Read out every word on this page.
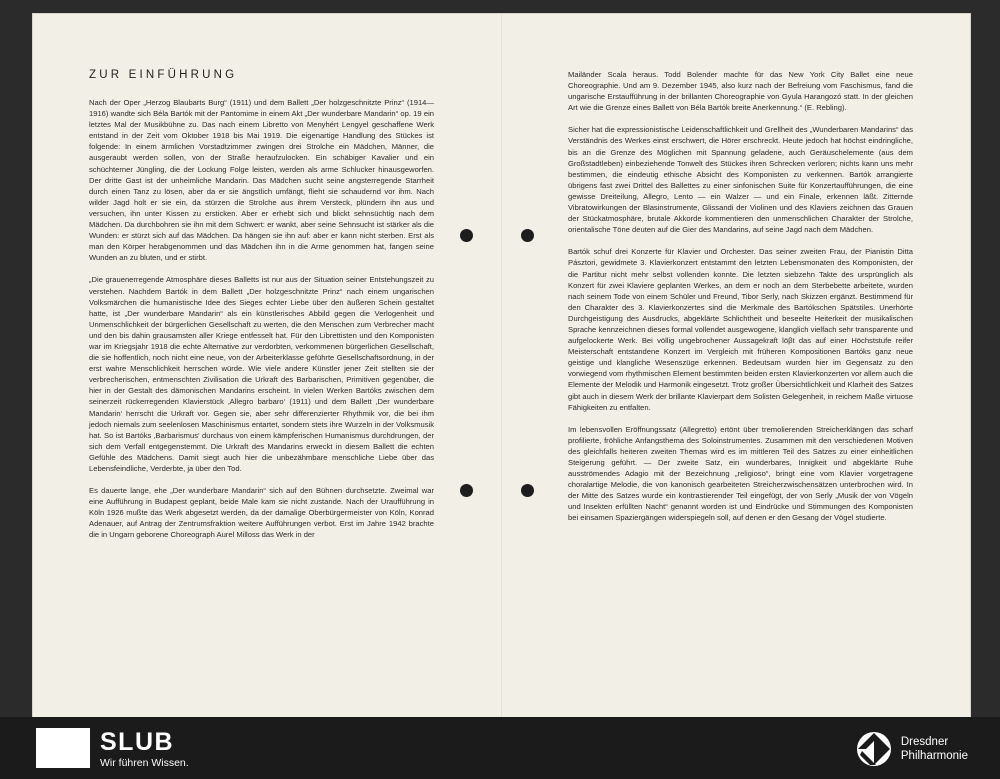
ZUR EINFÜHRUNG

Nach der Oper „Herzog Blaubarts Burg“ (1911) und dem Ballett „Der holzgeschnitzte Prinz“ (1914—1916) wandte sich Béla Bartók mit der Pantomime in einem Akt „Der wunderbare Mandarin“ op. 19 ein letztes Mal der Musikbühne zu. Das nach einem Libretto von Menyhért Lengyel geschaffene Werk entstand in der Zeit vom Oktober 1918 bis Mai 1919. Die eigenartige Handlung des Stückes ist folgende: In einem ärmlichen Vorstadtzimmer zwingen drei Strolche ein Mädchen, Männer, die ausgeraubt werden sollen, von der Straße heraufzulocken. Ein schäbiger Kavalier und ein schüchterner Jüngling, die der Lockung Folge leisten, werden als arme Schlucker hinausgeworfen. Der dritte Gast ist der unheimliche Mandarin. Das Mädchen sucht seine angsterregende Starrheit durch einen Tanz zu lösen, aber da er sie ängstlich umfängt, flieht sie schaudernd vor ihm. Nach wilder Jagd holt er sie ein, da stürzen die Strolche aus ihrem Versteck, plündern ihn aus und versuchen, ihn unter Kissen zu ersticken. Aber er erhebt sich und blickt sehnsüchtig nach dem Mädchen. Da durchbohren sie ihn mit dem Schwert: er wankt, aber seine Sehnsucht ist stärker als die Wunden: er stürzt sich auf das Mädchen. Da hängen sie ihn auf: aber er kann nicht sterben. Erst als man den Körper herabgenommen und das Mädchen ihn in die Arme genommen hat, fangen seine Wunden an zu bluten, und er stirbt.

„Die grauenerregende Atmosphäre dieses Balletts ist nur aus der Situation seiner Entstehungszeit zu verstehen. Nachdem Bartók in dem Ballett „Der holzgeschnitzte Prinz“ nach einem ungarischen Volksmärchen die humanistische Idee des Sieges echter Liebe über den äußeren Schein gestaltet hatte, ist „Der wunderbare Mandarin“ als ein künstlerisches Abbild gegen die Verlogenheit und Unmenschlichkeit der bürgerlichen Gesellschaft zu werten, die den Menschen zum Verbrecher macht und den bis dahin grausamsten aller Kriege entfesselt hat. Für den Librettisten und den Komponisten war im Kriegsjahr 1918 die echte Alternative zur verdorbten, verkommenen bürgerlichen Gesellschaft, die sie hoffentlich, noch nicht eine neue, von der Arbeiterklasse geführte Gesellschaftsordnung, in der erst wahre Menschlichkeit herrschen würde. Wie viele andere Künstler jener Zeit stellten sie der verbrecherischen, entmenschten Zivilisation die Urkraft des Barbarischen, Primitiven gegenüber, die hier in der Gestalt des dämonischen Mandarins erscheint. In vielen Werken Bartóks zwischen dem seinerzeit rückerregenden Klavierstück ‚Allegro barbaro‘ (1911) und dem Ballett ‚Der wunderbare Mandarin‘ herrscht die Urkraft vor. Gegen sie, aber sehr differenzierter Rhythmik vor, die bei ihm jedoch niemals zum seelenlosen Maschinismus entartet, sondern stets ihre Wurzeln in der Volksmusik hat. So ist Bartóks ‚Barbarismus‘ durchaus von einem kämpferischen Humanismus durchdrungen, der sich dem Verfall entgegenstemmt. Die Urkraft des Mandarins erweckt in diesem Ballett die echten Gefühle des Mädchens. Damit siegt auch hier die unbezähmbare menschliche Liebe über das Lebensfeindliche, Verderbte, ja über den Tod.

Es dauerte lange, ehe „Der wunderbare Mandarin“ sich auf den Bühnen durchsetzte. Zweimal war eine Aufführung in Budapest geplant, beide Male kam sie nicht zustande. Nach der Uraufführung in Köln 1926 mußte das Werk abgesetzt werden, da der damalige Oberbürgermeister von Köln, Konrad Adenauer, auf Antrag der Zentrumsfraktion weitere Aufführungen verbot. Erst im Jahre 1942 brachte die in Ungarn geborene Choreograph Aurel Milloss das Werk in der

Mailänder Scala heraus. Todd Bolender machte für das New York City Ballet eine neue Choreographie. Und am 9. Dezember 1945, also kurz nach der Befreiung vom Faschismus, fand die ungarische Erstaufführung in der brillanten Choreographie von Gyula Harangozó statt. In der gleichen Art wie die Grenze eines Ballett von Béla Bartók breite Anerkennung.“ (E. Rebling).

Sicher hat die expressionistische Leidenschaftlichkeit und Grellheit des „Wunderbaren Mandarins“ das Verständnis des Werkes einst erschwert, die Hörer erschreckt. Heute jedoch hat höchst eindringliche, bis an die Grenze des Möglichen mit Spannung geladene, auch Geräuschelemente (aus dem Großstadtleben) einbeziehende Tonwelt des Stückes ihren Schrecken verloren; nichts kann uns mehr bestimmen, die eindeutig ethische Absicht des Komponisten zu verkennen. Bartók arrangierte übrigens fast zwei Drittel des Ballettes zu einer sinfonischen Suite für Konzertaufführungen, die eine gewisse Dreiteilung, Allegro, Lento — ein Walzer — und ein Finale, erkennen läßt. Zitternde Vibratowirkungen der Blasinstrumente, Glissandi der Violinen und des Klaviers zeichnen das Grauen der Stückatmosphäre, brutale Akkorde kommentieren den unmenschlichen Charakter der Strolche, orientalische Töne deuten auf die Gier des Mandarins, auf seine Jagd nach dem Mädchen.

Bartók schuf drei Konzerte für Klavier und Orchester. Das seiner zweiten Frau, der Pianistin Ditta Pásztori, gewidmete 3. Klavierkonzert entstammt den letzten Lebensmonaten des Komponisten, der die Partitur nicht mehr selbst vollenden konnte. Die letzten siebzehn Takte des ursprünglich als Konzert für zwei Klaviere geplanten Werkes, an dem er noch an dem Sterbebette arbeitete, wurden nach seinem Tode von einem Schüler und Freund, Tibor Serly, nach Skizzen ergänzt. Bestimmend für den Charakter des 3. Klavierkonzertes sind die Merkmale des Bartókschen Spätstiles. Unerhörte Durchgeistigung des Ausdrucks, abgeklärte Schlichtheit und beseelte Heiterkeit der musikalischen Sprache kennzeichnen dieses formal vollendet ausgewogene, klanglich vielfach sehr transparente und aufgelockerte Werk. Bei völlig ungebrochener Aussagekraft löβt das auf einer Höchststufe reifer Meisterschaft entstandene Konzert im Vergleich mit früheren Kompositionen Bartóks ganz neue geistige und klangliche Wesenszüge erkennen. Bedeutsam wurden hier im Gegensatz zu den vorwiegend vom rhythmischen Element bestimmten beiden ersten Klavierkonzerten vor allem auch die Elemente der Melodik und Harmonik eingesetzt. Trotz großer Übersichtlichkeit und Klarheit des Satzes gibt auch in diesem Werk der brillante Klavierpart dem Solisten Gelegenheit, in reichem Maße virtuose Fähigkeiten zu entfalten.

Im lebensvollen Eröffnungssatz (Allegretto) ertönt über tremolierenden Streicherklängen das scharf profilierte, fröhliche Anfangsthema des Soloinstrumentes. Zusammen mit den verschiedenen Motiven des gleichfalls heiteren zweiten Themas wird es im mittleren Teil des Satzes zu einer einheitlichen Steigerung geführt. — Der zweite Satz, ein wunderbares, Innigkeit und abgeklärte Ruhe ausströmendes Adagio mit der Bezeichnung „religioso“, bringt eine vom Klavier vorgetragene choralartige Melodie, die von kanonisch gearbeiteten Streicherzwischensätzen unterbrochen wird. In der Mitte des Satzes wurde ein kontrastierender Teil eingefügt, der von Serly „Musik der von Vögeln und Insekten erfüllten Nacht“ genannt worden ist und Eindrücke und Stimmungen des Komponisten bei einsamen Spaziergängen widerspiegeln soll, auf denen er den Gesang der Vögel studierte.

SLUB
Wir führen Wissen.
Dresdner
Philharmonie
